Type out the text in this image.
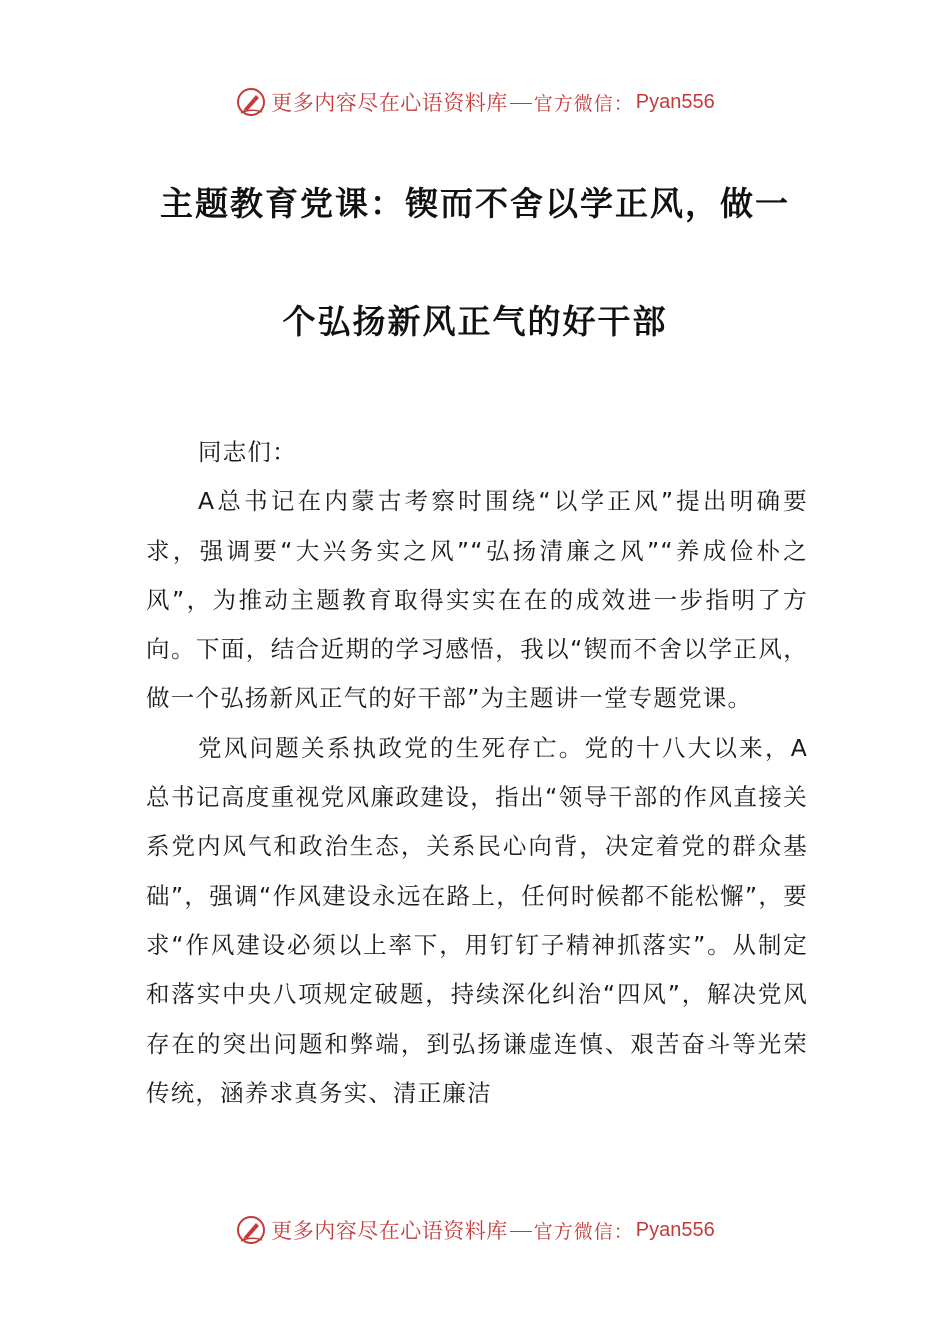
更多内容尽在心语资料库 官方微信： Pyan556
主题教育党课：锲而不舍以学正风，做一
个弘扬新风正气的好干部

同志们：

A总书记在内蒙古考察时围绕“以学正风”提出明确要求，强调要“大兴务实之风”“弘扬清廉之风”“养成俭朴之风”，为推动主题教育取得实实在在的成效进一步指明了方向。下面，结合近期的学习感悟，我以“锲而不舍以学正风，做一个弘扬新风正气的好干部”为主题讲一堂专题党课。

党风问题关系执政党的生死存亡。党的十八大以来，A总书记高度重视党风廉政建设，指出“领导干部的作风直接关系党内风气和政治生态，关系民心向背，决定着党的群众基础”，强调“作风建设永远在路上，任何时候都不能松懈”，要求“作风建设必须以上率下，用钉钉子精神抓落实”。从制定和落实中央八项规定破题，持续深化纠治“四风”，解决党风存在的突出问题和弊端，到弘扬谦虚连慎、艰苦奋斗等光荣传统，涵养求真务实、清正廉洁

更多内容尽在心语资料库 官方微信： Pyan556
